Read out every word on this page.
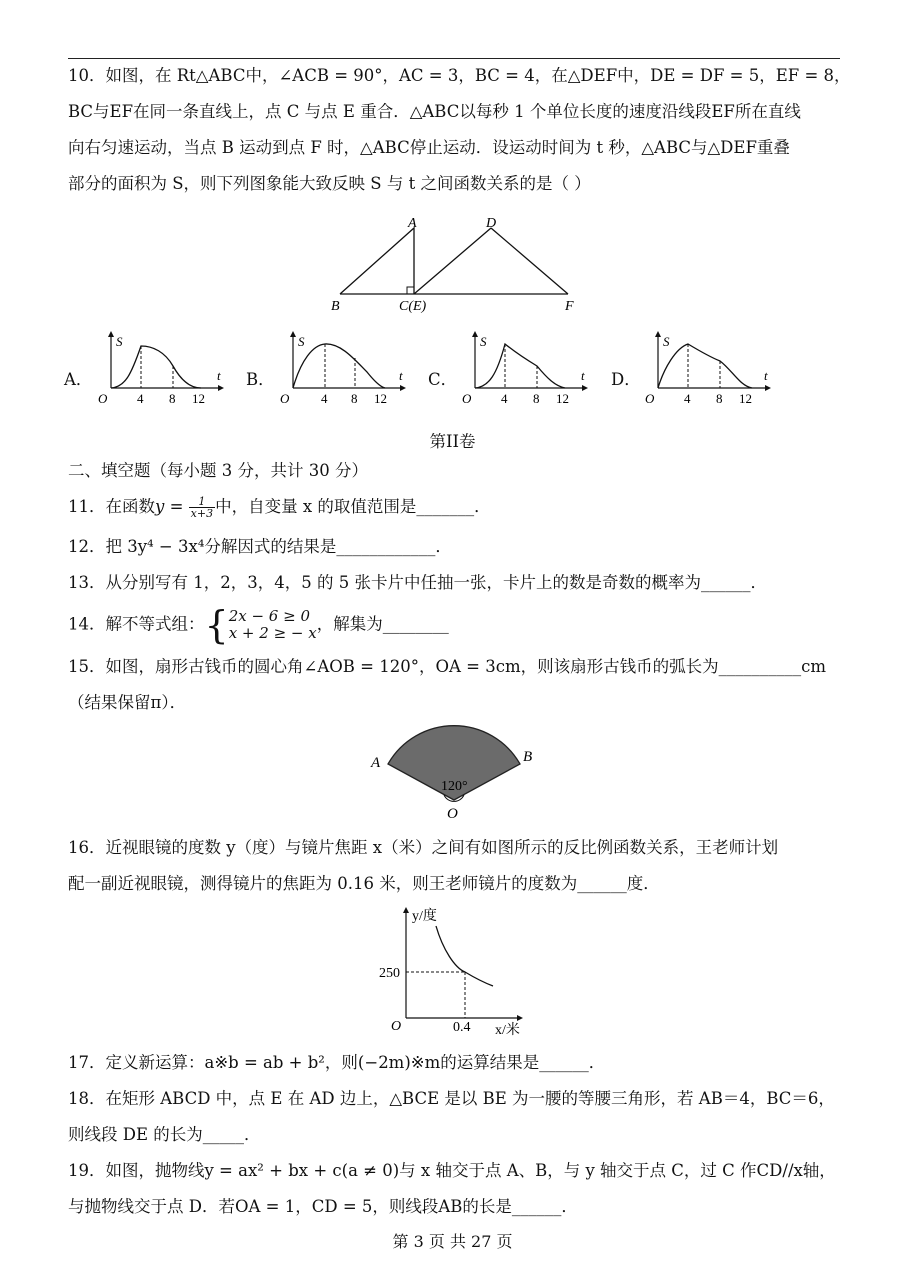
10．如图，在 Rt△ABC中，∠ACB = 90°，AC = 3，BC = 4，在△DEF中，DE = DF = 5，EF = 8，
BC与EF在同一条直线上，点 C 与点 E 重合．△ABC以每秒 1 个单位长度的速度沿线段EF所在直线
向右匀速运动，当点 B 运动到点 F 时，△ABC停止运动．设运动时间为 t 秒，△ABC与△DEF重叠
部分的面积为 S，则下列图象能大致反映 S 与 t 之间函数关系的是（ ）
A	D
B	C(E)	F
A．	B．	C．	D．
S
t
O 4 8 12
S
t
O 4 8 12
S
t
O 4 8 12
S
t
O 4 8 12
第II卷
二、填空题（每小题 3 分，共计 30 分）
11．在函数$y = \frac{1}{x+3}$ 中，自变量 x 的取值范围是_______．
12．把 3y⁴ − 3x⁴分解因式的结果是____________．
13．从分别写有 1，2，3，4，5 的 5 张卡片中任抽一张，卡片上的数是奇数的概率为______．
14．解不等式组：{ 2x − 6 ≥ 0
x + 2 ≥ − x ，解集为________
15．如图，扇形古钱币的圆心角∠AOB = 120°，OA = 3cm，则该扇形古钱币的弧长为__________cm
（结果保留π）．
A	B
120°
O
16．近视眼镜的度数 y（度）与镜片焦距 x（米）之间有如图所示的反比例函数关系，王老师计划
配一副近视眼镜，测得镜片的焦距为 0.16 米，则王老师镜片的度数为______度．
y/度
x/米
O
250
0.4
17．定义新运算：a※b = ab + b²，则(−2m)※m的运算结果是______．
18．在矩形 ABCD 中，点 E 在 AD 边上，△BCE 是以 BE 为一腰的等腰三角形，若 AB＝4，BC＝6，
则线段 DE 的长为_____．
19．如图，抛物线y = ax² + bx + c(a ≠ 0)与 x 轴交于点 A、B，与 y 轴交于点 C，过 C 作CD//x轴，
与抛物线交于点 D．若OA = 1，CD = 5，则线段AB的长是______．
第 3 页 共 27 页
